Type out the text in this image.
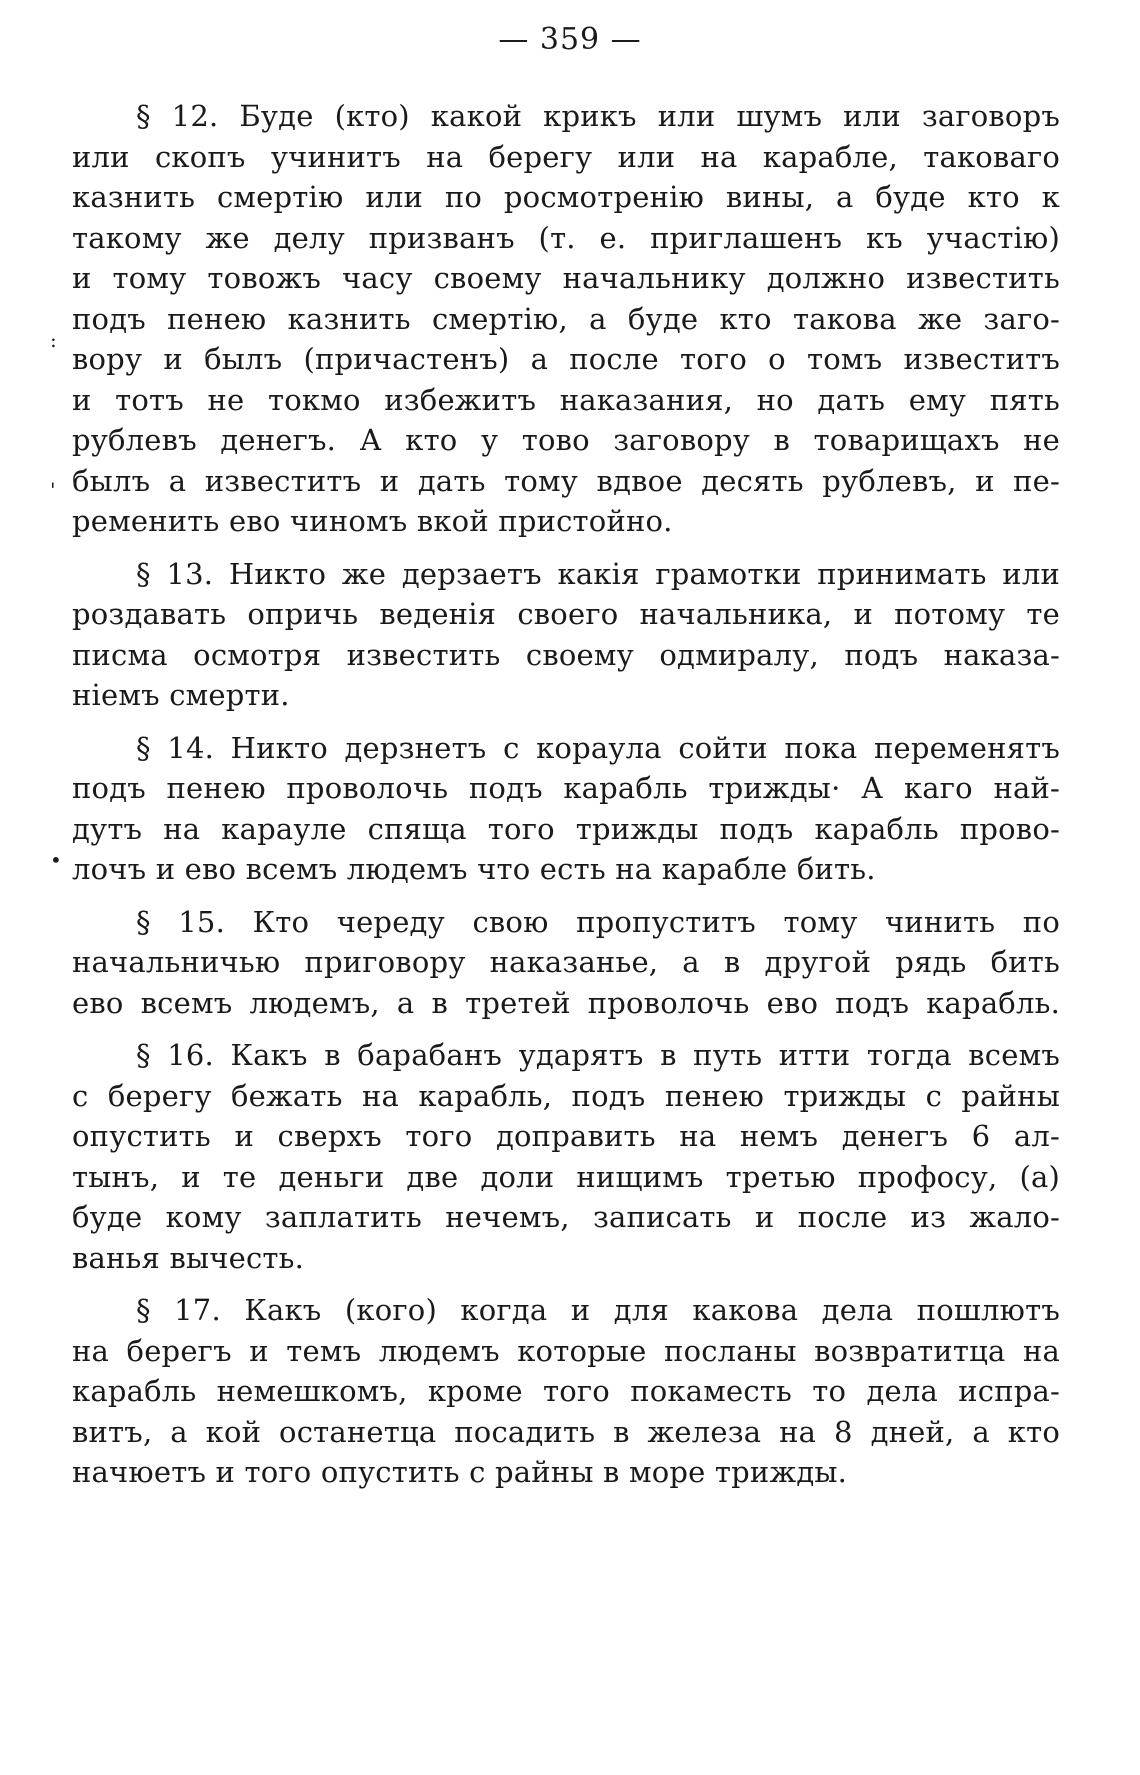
— 359 —
:
'
•
§ 12. Буде (кто) какой крикъ или шумъ или заговоръ
или скопъ учинитъ на берегу или на карабле, таковаго
казнить смертію или по росмотренію вины, а буде кто к
такому же делу призванъ (т. е. приглашенъ къ участію)
и тому товожъ часу своему начальнику должно известить
подъ пенею казнить смертію, а буде кто такова же заго-
вору и былъ (причастенъ) а после того о томъ известитъ
и тотъ не токмо избежитъ наказания, но дать ему пять
рублевъ денегъ. А кто у тово заговору в товарищахъ не
былъ а известитъ и дать тому вдвое десять рублевъ, и пе-
ременить ево чиномъ вкой пристойно.
§ 13. Никто же дерзаетъ какія грамотки принимать или
роздавать опричь веденія своего начальника, и потому те
писма осмотря известить своему одмиралу, подъ наказа-
ніемъ смерти.
§ 14. Никто дерзнетъ с кораула сойти пока переменятъ
подъ пенею проволочь подъ карабль трижды· А каго най-
дутъ на карауле спяща того трижды подъ карабль прово-
лочъ и ево всемъ людемъ что есть на карабле бить.
§ 15. Кто череду свою пропуститъ тому чинить по
начальничью приговору наказанье, а в другой рядь бить
ево всемъ людемъ, а в третей проволочь ево подъ карабль.
§ 16. Какъ в барабанъ ударятъ в путь итти тогда всемъ
с берегу бежать на карабль, подъ пенею трижды с райны
опустить и сверхъ того доправить на немъ денегъ 6 ал-
тынъ, и те деньги две доли нищимъ третью профосу, (а)
буде кому заплатить нечемъ, записать и после из жало-
ванья вычесть.
§ 17. Какъ (кого) когда и для какова дела пошлютъ
на берегъ и темъ людемъ которые посланы возвратитца на
карабль немешкомъ, кроме того покаместь то дела испра-
витъ, а кой останетца посадить в железа на 8 дней, а кто
начюетъ и того опустить с райны в море трижды.
